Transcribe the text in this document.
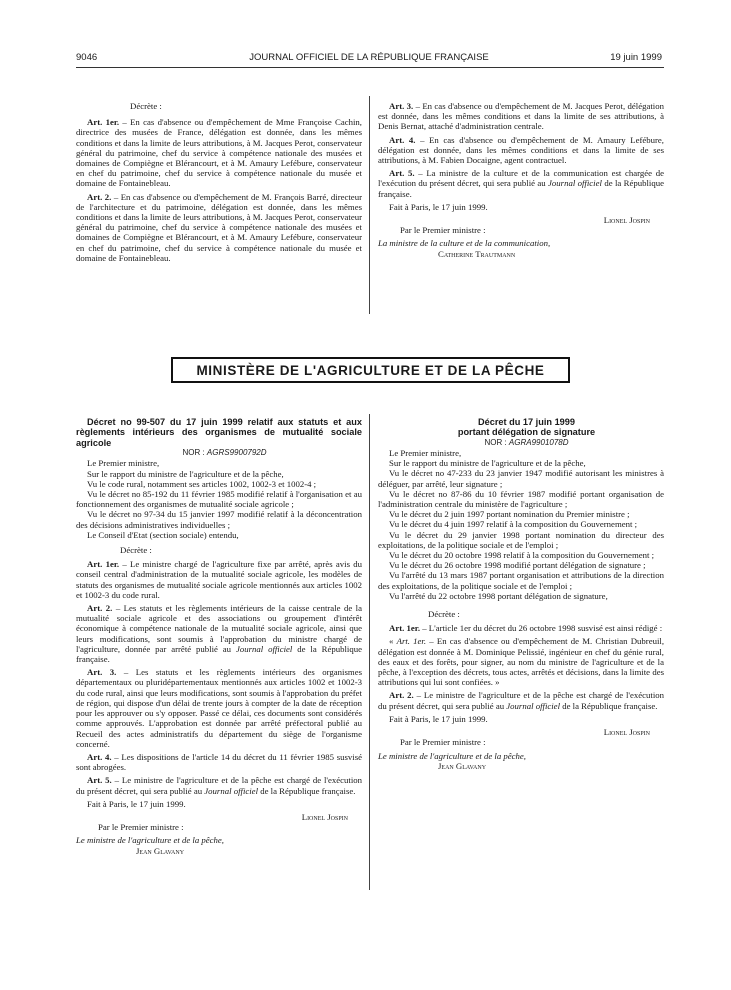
9046	JOURNAL OFFICIEL DE LA RÉPUBLIQUE FRANÇAISE	19 juin 1999

Décrète :

Art. 1er. – En cas d'absence ou d'empêchement de Mme Françoise Cachin, directrice des musées de France, délégation est donnée, dans les mêmes conditions et dans la limite de leurs attributions, à M. Jacques Perot, conservateur général du patrimoine, chef du service à compétence nationale des musées et domaines de Compiègne et Blérancourt, et à M. Amaury Lefébure, conservateur en chef du patrimoine, chef du service à compétence nationale du musée et domaine de Fontainebleau.

Art. 2. – En cas d'absence ou d'empêchement de M. François Barré, directeur de l'architecture et du patrimoine, délégation est donnée, dans les mêmes conditions et dans la limite de leurs attributions, à M. Jacques Perot, conservateur général du patrimoine, chef du service à compétence nationale des musées et domaines de Compiègne et Blérancourt, et à M. Amaury Lefébure, conservateur en chef du patrimoine, chef du service à compétence nationale du musée et domaine de Fontainebleau.

Art. 3. – En cas d'absence ou d'empêchement de M. Jacques Perot, délégation est donnée, dans les mêmes conditions et dans la limite de ses attributions, à Denis Bernat, attaché d'administration centrale.

Art. 4. – En cas d'absence ou d'empêchement de M. Amaury Lefébure, délégation est donnée, dans les mêmes conditions et dans la limite de ses attributions, à M. Fabien Docaigne, agent contractuel.

Art. 5. – La ministre de la culture et de la communication est chargée de l'exécution du présent décret, qui sera publié au Journal officiel de la République française.

Fait à Paris, le 17 juin 1999.

Lionel Jospin

Par le Premier ministre :

La ministre de la culture et de la communication,

Catherine Trautmann

MINISTÈRE DE L'AGRICULTURE ET DE LA PÊCHE

Décret no 99-507 du 17 juin 1999 relatif aux statuts et aux règlements intérieurs des organismes de mutualité sociale agricole

NOR : AGRS9900792D

Le Premier ministre,

Sur le rapport du ministre de l'agriculture et de la pêche,

Vu le code rural, notamment ses articles 1002, 1002-3 et 1002-4 ;

Vu le décret no 85-192 du 11 février 1985 modifié relatif à l'organisation et au fonctionnement des organismes de mutualité sociale agricole ;

Vu le décret no 97-34 du 15 janvier 1997 modifié relatif à la déconcentration des décisions administratives individuelles ;

Le Conseil d'Etat (section sociale) entendu,

Décrète :

Art. 1er. – Le ministre chargé de l'agriculture fixe par arrêté, après avis du conseil central d'administration de la mutualité sociale agricole, les modèles de statuts des organismes de mutualité sociale agricole mentionnés aux articles 1002 et 1002-3 du code rural.

Art. 2. – Les statuts et les règlements intérieurs de la caisse centrale de la mutualité sociale agricole et des associations ou groupement d'intérêt économique à compétence nationale de la mutualité sociale agricole, ainsi que leurs modifications, sont soumis à l'approbation du ministre chargé de l'agriculture, donnée par arrêté publié au Journal officiel de la République française.

Art. 3. – Les statuts et les règlements intérieurs des organismes départementaux ou pluridépartementaux mentionnés aux articles 1002 et 1002-3 du code rural, ainsi que leurs modifications, sont soumis à l'approbation du préfet de région, qui dispose d'un délai de trente jours à compter de la date de réception pour les approuver ou s'y opposer. Passé ce délai, ces documents sont considérés comme approuvés. L'approbation est donnée par arrêté préfectoral publié au Recueil des actes administratifs du département du siège de l'organisme concerné.

Art. 4. – Les dispositions de l'article 14 du décret du 11 février 1985 susvisé sont abrogées.

Art. 5. – Le ministre de l'agriculture et de la pêche est chargé de l'exécution du présent décret, qui sera publié au Journal officiel de la République française.

Fait à Paris, le 17 juin 1999.

Lionel Jospin

Par le Premier ministre :

Le ministre de l'agriculture et de la pêche,

Jean Glavany

Décret du 17 juin 1999

portant délégation de signature

NOR : AGRA9901078D

Le Premier ministre,

Sur le rapport du ministre de l'agriculture et de la pêche,

Vu le décret no 47-233 du 23 janvier 1947 modifié autorisant les ministres à déléguer, par arrêté, leur signature ;

Vu le décret no 87-86 du 10 février 1987 modifié portant organisation de l'administration centrale du ministère de l'agriculture ;

Vu le décret du 2 juin 1997 portant nomination du Premier ministre ;

Vu le décret du 4 juin 1997 relatif à la composition du Gouvernement ;

Vu le décret du 29 janvier 1998 portant nomination du directeur des exploitations, de la politique sociale et de l'emploi ;

Vu le décret du 20 octobre 1998 relatif à la composition du Gouvernement ;

Vu le décret du 26 octobre 1998 modifié portant délégation de signature ;

Vu l'arrêté du 13 mars 1987 portant organisation et attributions de la direction des exploitations, de la politique sociale et de l'emploi ;

Vu l'arrêté du 22 octobre 1998 portant délégation de signature,

Décrète :

Art. 1er. – L'article 1er du décret du 26 octobre 1998 susvisé est ainsi rédigé :

« Art. 1er. – En cas d'absence ou d'empêchement de M. Christian Dubreuil, délégation est donnée à M. Dominique Pelissié, ingénieur en chef du génie rural, des eaux et des forêts, pour signer, au nom du ministre de l'agriculture et de la pêche, à l'exception des décrets, tous actes, arrêtés et décisions, dans la limite des attributions qui lui sont confiées. »

Art. 2. – Le ministre de l'agriculture et de la pêche est chargé de l'exécution du présent décret, qui sera publié au Journal officiel de la République française.

Fait à Paris, le 17 juin 1999.

Lionel Jospin

Par le Premier ministre :

Le ministre de l'agriculture et de la pêche,

Jean Glavany
